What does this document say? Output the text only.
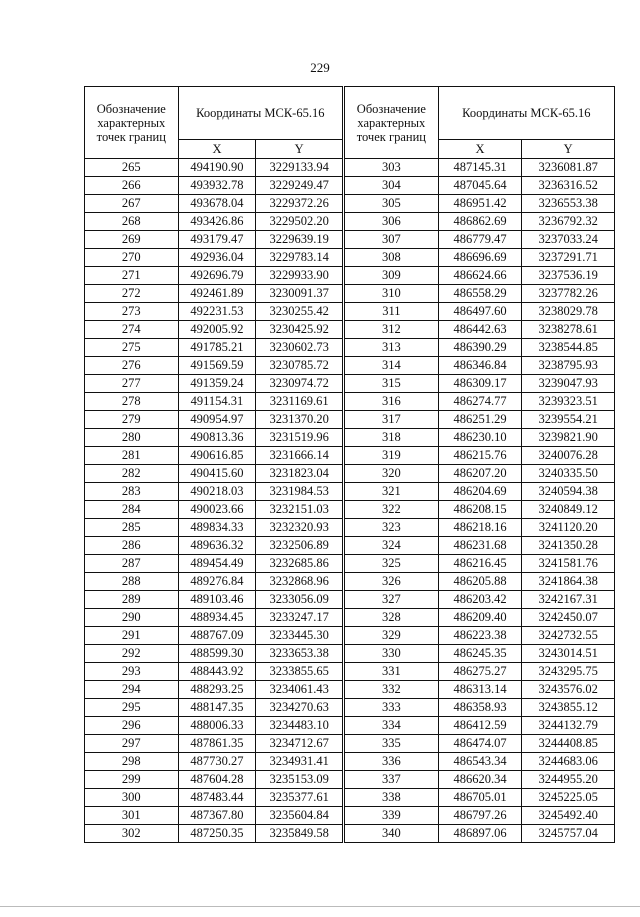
229
Обозначение характерных точек границ	Координаты МСК-65.16	
	X	Y
265	494190.90	3229133.94
266	493932.78	3229249.47
267	493678.04	3229372.26
268	493426.86	3229502.20
269	493179.47	3229639.19
270	492936.04	3229783.14
271	492696.79	3229933.90
272	492461.89	3230091.37
273	492231.53	3230255.42
274	492005.92	3230425.92
275	491785.21	3230602.73
276	491569.59	3230785.72
277	491359.24	3230974.72
278	491154.31	3231169.61
279	490954.97	3231370.20
280	490813.36	3231519.96
281	490616.85	3231666.14
282	490415.60	3231823.04
283	490218.03	3231984.53
284	490023.66	3232151.03
285	489834.33	3232320.93
286	489636.32	3232506.89
287	489454.49	3232685.86
288	489276.84	3232868.96
289	489103.46	3233056.09
290	488934.45	3233247.17
291	488767.09	3233445.30
292	488599.30	3233653.38
293	488443.92	3233855.65
294	488293.25	3234061.43
295	488147.35	3234270.63
296	488006.33	3234483.10
297	487861.35	3234712.67
298	487730.27	3234931.41
299	487604.28	3235153.09
300	487483.44	3235377.61
301	487367.80	3235604.84
302	487250.35	3235849.58
Обозначение характерных точек границ	Координаты МСК-65.16	
	X	Y
303	487145.31	3236081.87
304	487045.64	3236316.52
305	486951.42	3236553.38
306	486862.69	3236792.32
307	486779.47	3237033.24
308	486696.69	3237291.71
309	486624.66	3237536.19
310	486558.29	3237782.26
311	486497.60	3238029.78
312	486442.63	3238278.61
313	486390.29	3238544.85
314	486346.84	3238795.93
315	486309.17	3239047.93
316	486274.77	3239323.51
317	486251.29	3239554.21
318	486230.10	3239821.90
319	486215.76	3240076.28
320	486207.20	3240335.50
321	486204.69	3240594.38
322	486208.15	3240849.12
323	486218.16	3241120.20
324	486231.68	3241350.28
325	486216.45	3241581.76
326	486205.88	3241864.38
327	486203.42	3242167.31
328	486209.40	3242450.07
329	486223.38	3242732.55
330	486245.35	3243014.51
331	486275.27	3243295.75
332	486313.14	3243576.02
333	486358.93	3243855.12
334	486412.59	3244132.79
335	486474.07	3244408.85
336	486543.34	3244683.06
337	486620.34	3244955.20
338	486705.01	3245225.05
339	486797.26	3245492.40
340	486897.06	3245757.04
